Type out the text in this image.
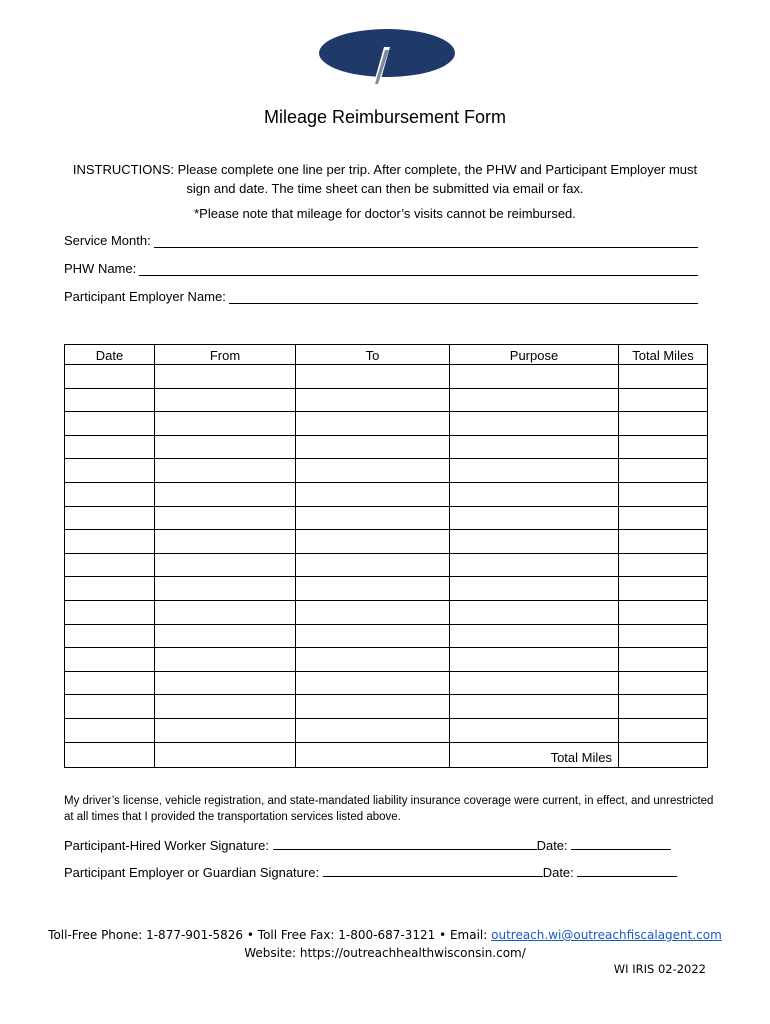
Mileage Reimbursement Form
INSTRUCTIONS: Please complete one line per trip. After complete, the PHW and Participant Employer must sign and date. The time sheet can then be submitted via email or fax.
*Please note that mileage for doctor’s visits cannot be reimbursed.
Service Month:
PHW Name:
Participant Employer Name:
Date	From	To	Purpose	Total Miles

			Total Miles	
My driver’s license, vehicle registration, and state-mandated liability insurance coverage were current, in effect, and unrestricted at all times that I provided the transportation services listed above.
Participant-Hired Worker Signature:	Date:
Participant Employer or Guardian Signature:	Date:
Toll-Free Phone: 1-877-901-5826 • Toll Free Fax: 1-800-687-3121 • Email: outreach.wi@outreachfiscalagent.com
Website: https://outreachhealthwisconsin.com/
WI IRIS 02-2022
